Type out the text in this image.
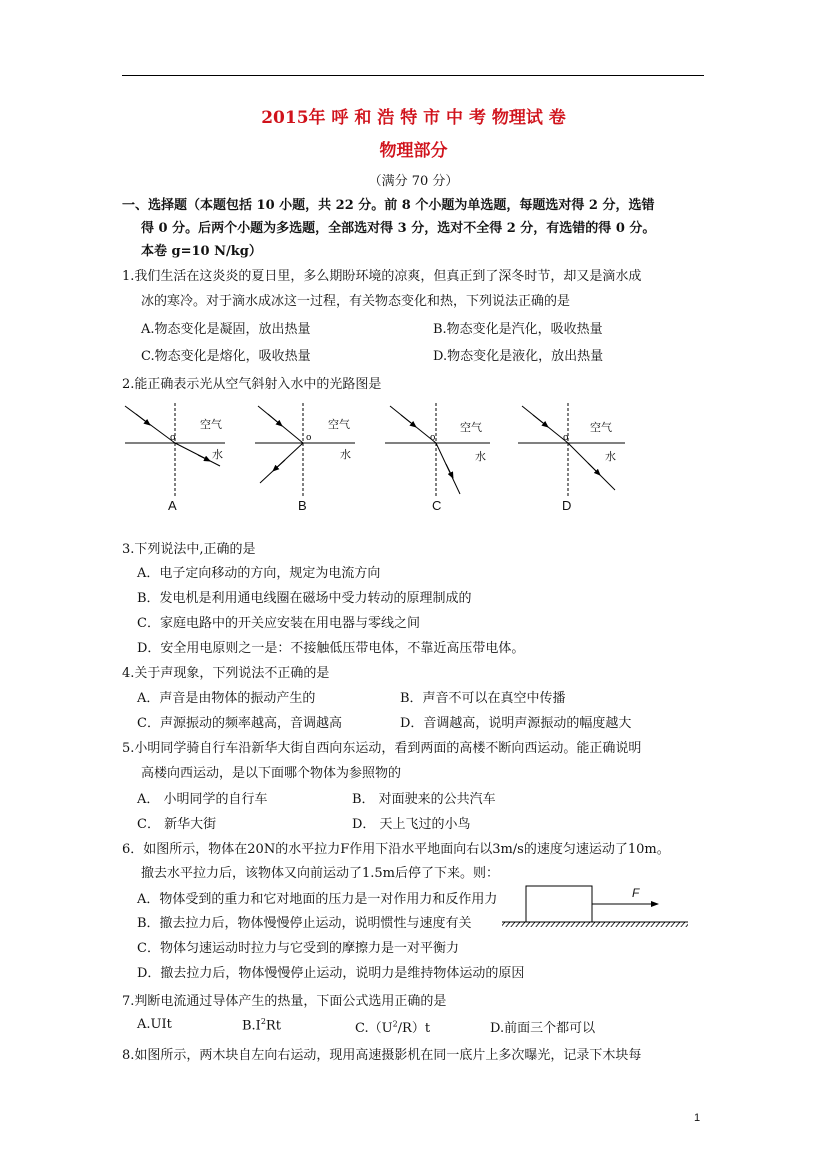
2015年 呼 和 浩 特 市 中 考 物理试 卷
物理部分
（满分 70 分）
一、选择题（本题包括 10 小题，共 22 分。前 8 个小题为单选题，每题选对得 2 分，选错
得 0 分。后两个小题为多选题，全部选对得 3 分，选对不全得 2 分，有选错的得 0 分。
本卷 g=10 N/kg）
1.我们生活在这炎炎的夏日里，多么期盼环境的凉爽，但真正到了深冬时节，却又是滴水成
冰的寒冷。对于滴水成冰这一过程，有关物态变化和热，下列说法正确的是
A.物态变化是凝固，放出热量	B.物态变化是汽化，吸收热量
C.物态变化是熔化，吸收热量	D.物态变化是液化，放出热量
2.能正确表示光从空气斜射入水中的光路图是
空气
水
o
空气
水
o
空气
水
o
空气
水
o
A	B	C	D
3.下列说法中,正确的是
A．电子定向移动的方向，规定为电流方向
B．发电机是利用通电线圈在磁场中受力转动的原理制成的
C．家庭电路中的开关应安装在用电器与零线之间
D．安全用电原则之一是：不接触低压带电体，不靠近高压带电体。
4.关于声现象，下列说法不正确的是
A．声音是由物体的振动产生的	B．声音不可以在真空中传播
C．声源振动的频率越高，音调越高	D．音调越高，说明声源振动的幅度越大
5.小明同学骑自行车沿新华大街自西向东运动，看到两面的高楼不断向西运动。能正确说明
高楼向西运动，是以下面哪个物体为参照物的
A． 小明同学的自行车	B． 对面驶来的公共汽车
C． 新华大街	D． 天上飞过的小鸟
6．如图所示，物体在20N的水平拉力F作用下沿水平地面向右以3m/s的速度匀速运动了10m。
撤去水平拉力后，该物体又向前运动了1.5m后停了下来。则：
F
A．物体受到的重力和它对地面的压力是一对作用力和反作用力
B．撤去拉力后，物体慢慢停止运动，说明惯性与速度有关
C．物体匀速运动时拉力与它受到的摩擦力是一对平衡力
D．撤去拉力后，物体慢慢停止运动，说明力是维持物体运动的原因
7.判断电流通过导体产生的热量，下面公式选用正确的是
A.UIt	$B.I^2Rt$	$C.(U^2/R)t$	D.前面三个都可以
8.如图所示，两木块自左向右运动，现用高速摄影机在同一底片上多次曝光，记录下木块每
1
